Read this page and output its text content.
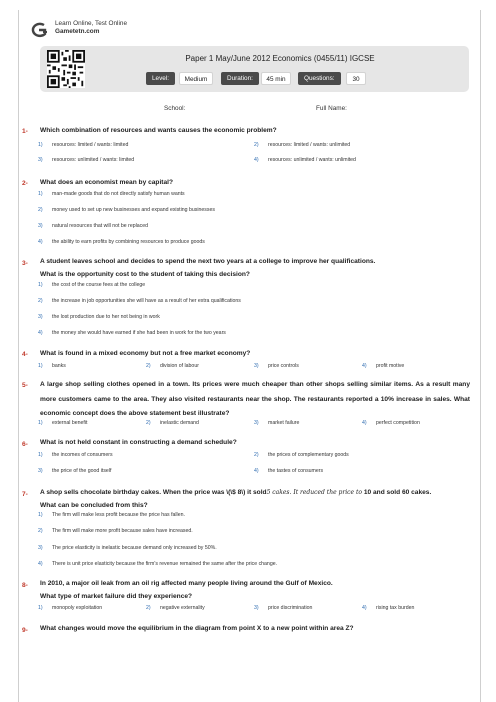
Learn Online, Test Online
Gametetn.com
Paper 1 May/June 2012 Economics (0455/11) IGCSE
Level:	Medium	Duration:	45 min	Questions:	30
School:	Full Name:
1- Which combination of resources and wants causes the economic problem?
1) resources: limited / wants: limited	2) resources: limited / wants: unlimited
3) resources: unlimited / wants: limited	4) resources: unlimited / wants: unlimited
2- What does an economist mean by capital?
1) man-made goods that do not directly satisfy human wants
2) money used to set up new businesses and expand existing businesses
3) natural resources that will not be replaced
4) the ability to earn profits by combining resources to produce goods
3- A student leaves school and decides to spend the next two years at a college to improve her qualifications.
What is the opportunity cost to the student of taking this decision?
1) the cost of the course fees at the college
2) the increase in job opportunities she will have as a result of her extra qualifications
3) the lost production due to her not being in work
4) the money she would have earned if she had been in work for the two years
4- What is found in a mixed economy but not a free market economy?
1) banks	2) division of labour	3) price controls	4) profit motive
5- A large shop selling clothes opened in a town. Its prices were much cheaper than other shops selling similar items. As a result many more customers came to the area. They also visited restaurants near the shop. The restaurants reported a 10% increase in sales. What economic concept does the above statement best illustrate?
1) external benefit	2) inelastic demand	3) market failure	4) perfect competition
6- What is not held constant in constructing a demand schedule?
1) the incomes of consumers	2) the prices of complementary goods
3) the price of the good itself	4) the tastes of consumers
7- A shop sells chocolate birthday cakes. When the price was \(\$ 8\) it sold5 cakes. It reduced the price to 10 and sold 60 cakes.
What can be concluded from this?
1) The firm will make less profit because the price has fallen.
2) The firm will make more profit because sales have increased.
3) The price elasticity is inelastic because demand only increased by 50%.
4) There is unit price elasticity because the firm's revenue remained the same after the price change.
8- In 2010, a major oil leak from an oil rig affected many people living around the Gulf of Mexico.
What type of market failure did they experience?
1) monopoly exploitation	2) negative externality	3) price discrimination	4) rising tax burden
9- What changes would move the equilibrium in the diagram from point X to a new point within area Z?
